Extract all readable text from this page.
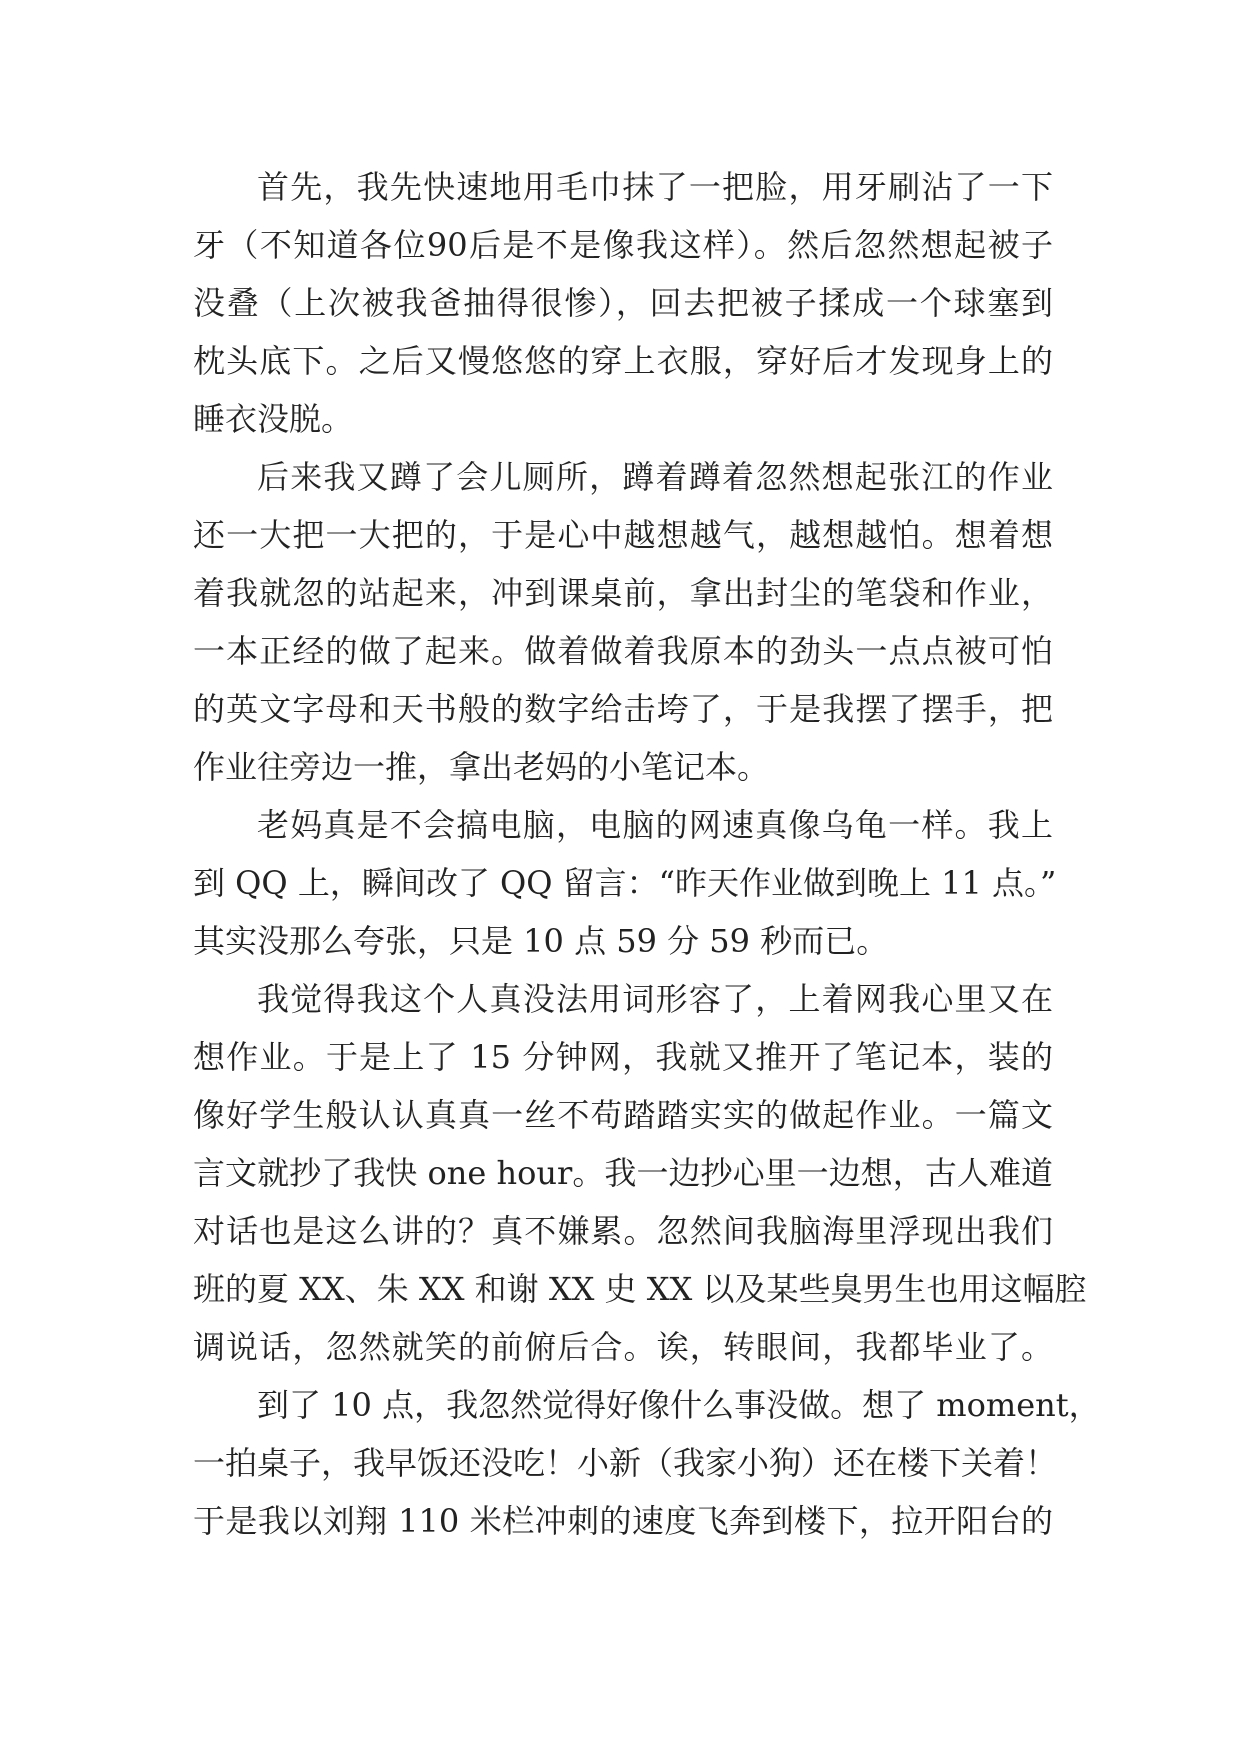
首先，我先快速地用毛巾抹了一把脸，用牙刷沾了一下
牙（不知道各位90后是不是像我这样）。然后忽然想起被子
没叠（上次被我爸抽得很惨），回去把被子揉成一个球塞到
枕头底下。之后又慢悠悠的穿上衣服，穿好后才发现身上的
睡衣没脱。
后来我又蹲了会儿厕所，蹲着蹲着忽然想起张江的作业
还一大把一大把的，于是心中越想越气，越想越怕。想着想
着我就忽的站起来，冲到课桌前，拿出封尘的笔袋和作业，
一本正经的做了起来。做着做着我原本的劲头一点点被可怕
的英文字母和天书般的数字给击垮了，于是我摆了摆手，把
作业往旁边一推，拿出老妈的小笔记本。
老妈真是不会搞电脑，电脑的网速真像乌龟一样。我上
到 QQ 上，瞬间改了 QQ 留言：“昨天作业做到晚上 11 点。”
其实没那么夸张，只是 10 点 59 分 59 秒而已。
我觉得我这个人真没法用词形容了，上着网我心里又在
想作业。于是上了 15 分钟网，我就又推开了笔记本，装的
像好学生般认认真真一丝不苟踏踏实实的做起作业。一篇文
言文就抄了我快 one hour。我一边抄心里一边想，古人难道
对话也是这么讲的？真不嫌累。忽然间我脑海里浮现出我们
班的夏 XX、朱 XX 和谢 XX 史 XX 以及某些臭男生也用这幅腔
调说话，忽然就笑的前俯后合。诶，转眼间，我都毕业了。
到了 10 点，我忽然觉得好像什么事没做。想了 moment，
一拍桌子，我早饭还没吃！小新（我家小狗）还在楼下关着！
于是我以刘翔 110 米栏冲刺的速度飞奔到楼下，拉开阳台的
